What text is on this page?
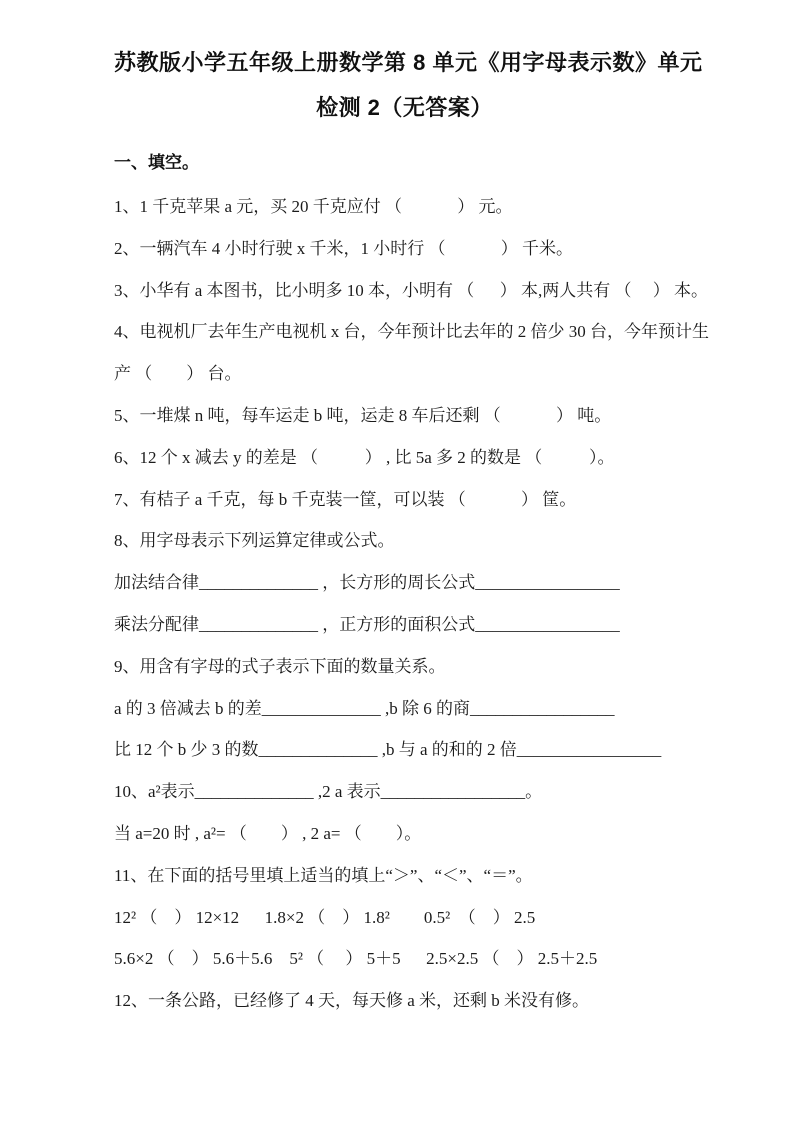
苏教版小学五年级上册数学第 8 单元《用字母表示数》单元
检测 2（无答案）
一、填空。

1、1 千克苹果 a 元，买 20 千克应付 （             ） 元。

2、一辆汽车 4 小时行驶 x 千米，1 小时行 （             ） 千米。

3、小华有 a 本图书，比小明多 10 本，小明有 （      ） 本,两人共有 （     ） 本。

4、电视机厂去年生产电视机 x 台，今年预计比去年的 2 倍少 30 台，今年预计生

产 （        ） 台。

5、一堆煤 n 吨，每车运走 b 吨，运走 8 车后还剩 （             ） 吨。

6、12 个 x 减去 y 的差是 （           ） , 比 5a 多 2 的数是 （           ）。

7、有桔子 a 千克，每 b 千克装一筐，可以装 （             ） 筐。

8、用字母表示下列运算定律或公式。

加法结合律______________ ，长方形的周长公式_________________

乘法分配律______________ ，正方形的面积公式_________________

9、用含有字母的式子表示下面的数量关系。

a 的 3 倍减去 b 的差______________ ,b 除 6 的商_________________

比 12 个 b 少 3 的数______________ ,b 与 a 的和的 2 倍_________________

10、a²表示______________ ,2 a 表示_________________。

当 a=20 时 , a²= （        ） , 2 a= （        ）。

11、在下面的括号里填上适当的填上“＞”、“＜”、“＝”。

12² （    ） 12×12      1.8×2 （    ） 1.8²        0.5²  （    ） 2.5

5.6×2 （    ） 5.6＋5.6    5² （     ） 5＋5      2.5×2.5 （    ） 2.5＋2.5

12、一条公路，已经修了 4 天，每天修 a 米，还剩 b 米没有修。
